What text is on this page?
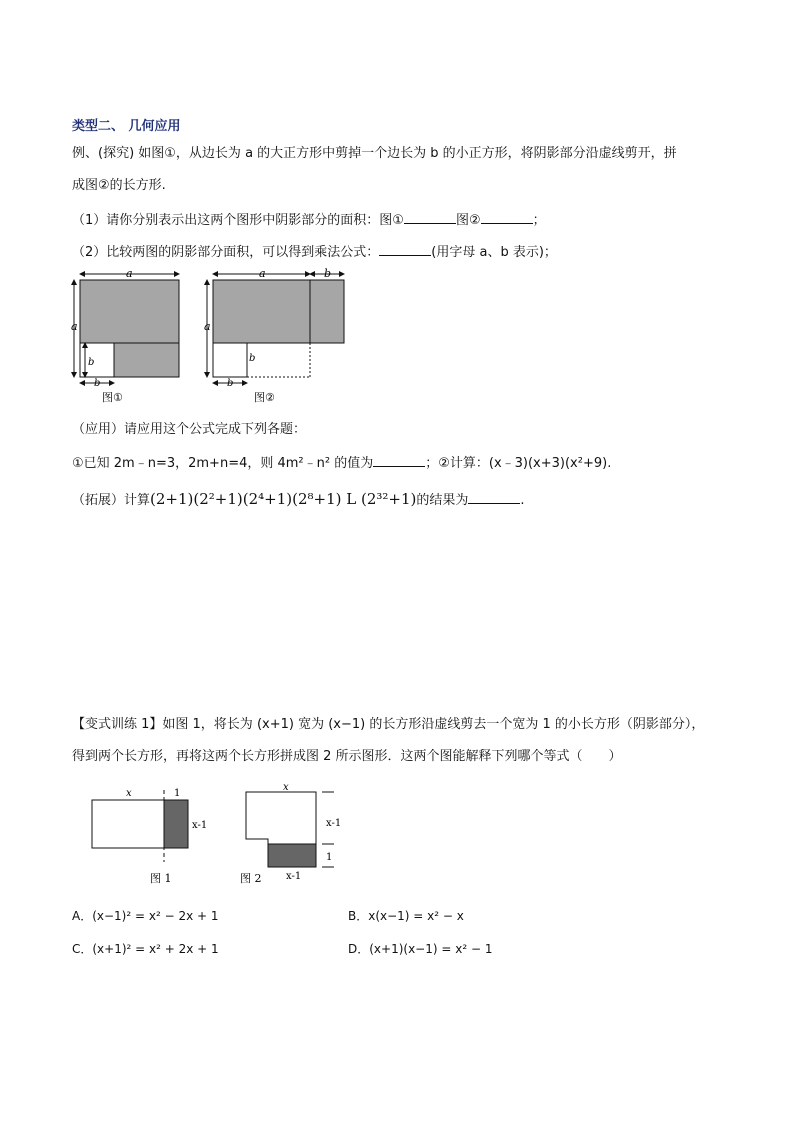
类型二、 几何应用
例、(探究) 如图①，从边长为 a 的大正方形中剪掉一个边长为 b 的小正方形，将阴影部分沿虚线剪开，拼
成图②的长方形.
（1）请你分别表示出这两个图形中阴影部分的面积：图①	图②	；
（2）比较两图的阴影部分面积，可以得到乘法公式：	(用字母 a、b 表示)；
a
a
b
b
图①
a	b
a
b
b
图②
（应用）请应用这个公式完成下列各题：
①已知 2m﹣n=3，2m+n=4，则 4m²﹣n² 的值为	；②计算：(x﹣3)(x+3)(x²+9).
（拓展）计算(2+1)(2²+1)(2⁴+1)(2⁸+1) L (2³²+1)的结果为	.
【变式训练 1】如图 1，将长为 (x+1) 宽为 (x−1) 的长方形沿虚线剪去一个宽为 1 的小长方形（阴影部分），
得到两个长方形，再将这两个长方形拼成图 2 所示图形．这两个图能解释下列哪个等式（　　）
x	1
x-1
图 1
x
x-1
1
x-1
图 2
A．(x−1)² = x² − 2x + 1	B．x(x−1) = x² − x
C．(x+1)² = x² + 2x + 1	D．(x+1)(x−1) = x² − 1
